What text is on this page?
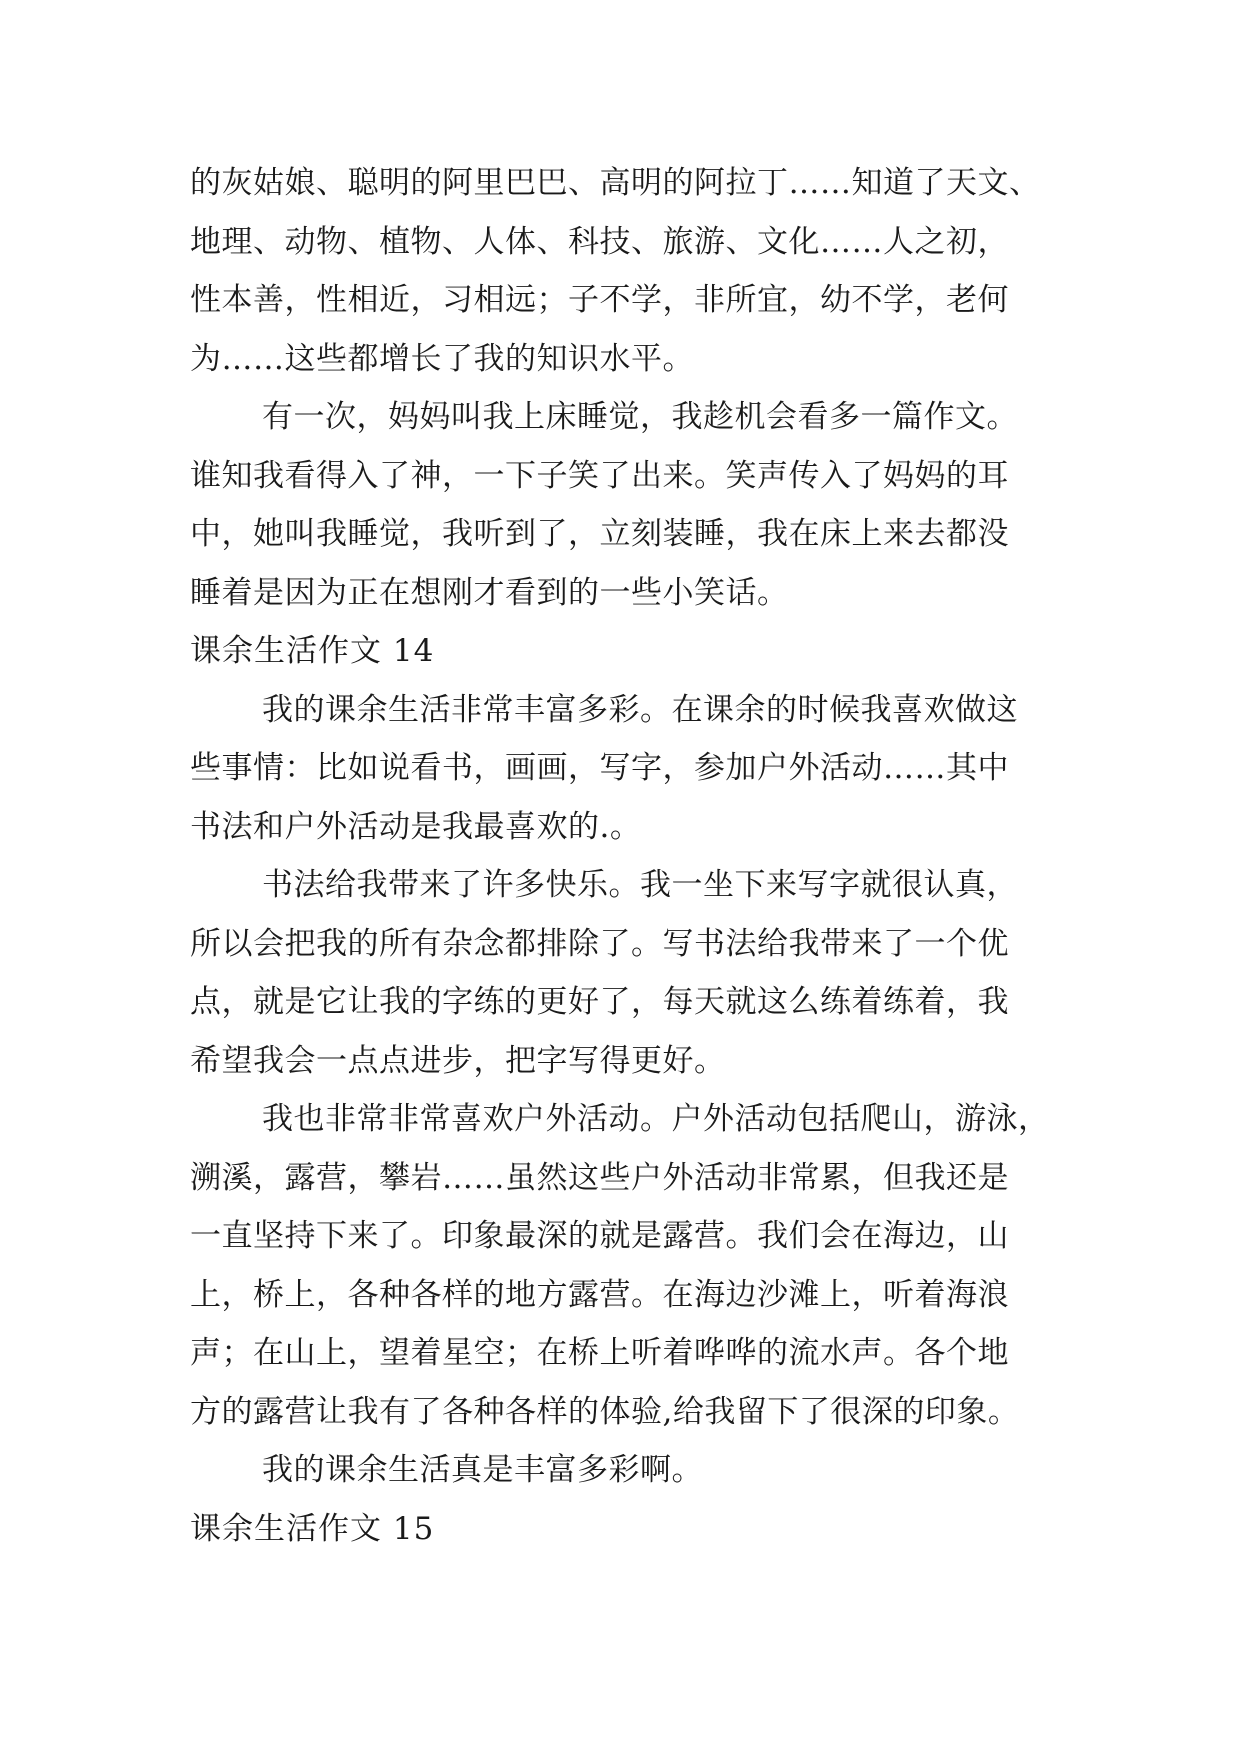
的灰姑娘、聪明的阿里巴巴、高明的阿拉丁……知道了天文、
地理、动物、植物、人体、科技、旅游、文化……人之初，
性本善，性相近，习相远；子不学，非所宜，幼不学，老何
为……这些都增长了我的知识水平。
有一次，妈妈叫我上床睡觉，我趁机会看多一篇作文。
谁知我看得入了神，一下子笑了出来。笑声传入了妈妈的耳
中，她叫我睡觉，我听到了，立刻装睡，我在床上来去都没
睡着是因为正在想刚才看到的一些小笑话。
课余生活作文 14
我的课余生活非常丰富多彩。在课余的时候我喜欢做这
些事情：比如说看书，画画，写字，参加户外活动……其中
书法和户外活动是我最喜欢的.。
书法给我带来了许多快乐。我一坐下来写字就很认真，
所以会把我的所有杂念都排除了。写书法给我带来了一个优
点，就是它让我的字练的更好了，每天就这么练着练着，我
希望我会一点点进步，把字写得更好。
我也非常非常喜欢户外活动。户外活动包括爬山，游泳，
溯溪，露营，攀岩……虽然这些户外活动非常累，但我还是
一直坚持下来了。印象最深的就是露营。我们会在海边，山
上，桥上，各种各样的地方露营。在海边沙滩上，听着海浪
声；在山上，望着星空；在桥上听着哗哗的流水声。各个地
方的露营让我有了各种各样的体验,给我留下了很深的印象。
我的课余生活真是丰富多彩啊。
课余生活作文 15
